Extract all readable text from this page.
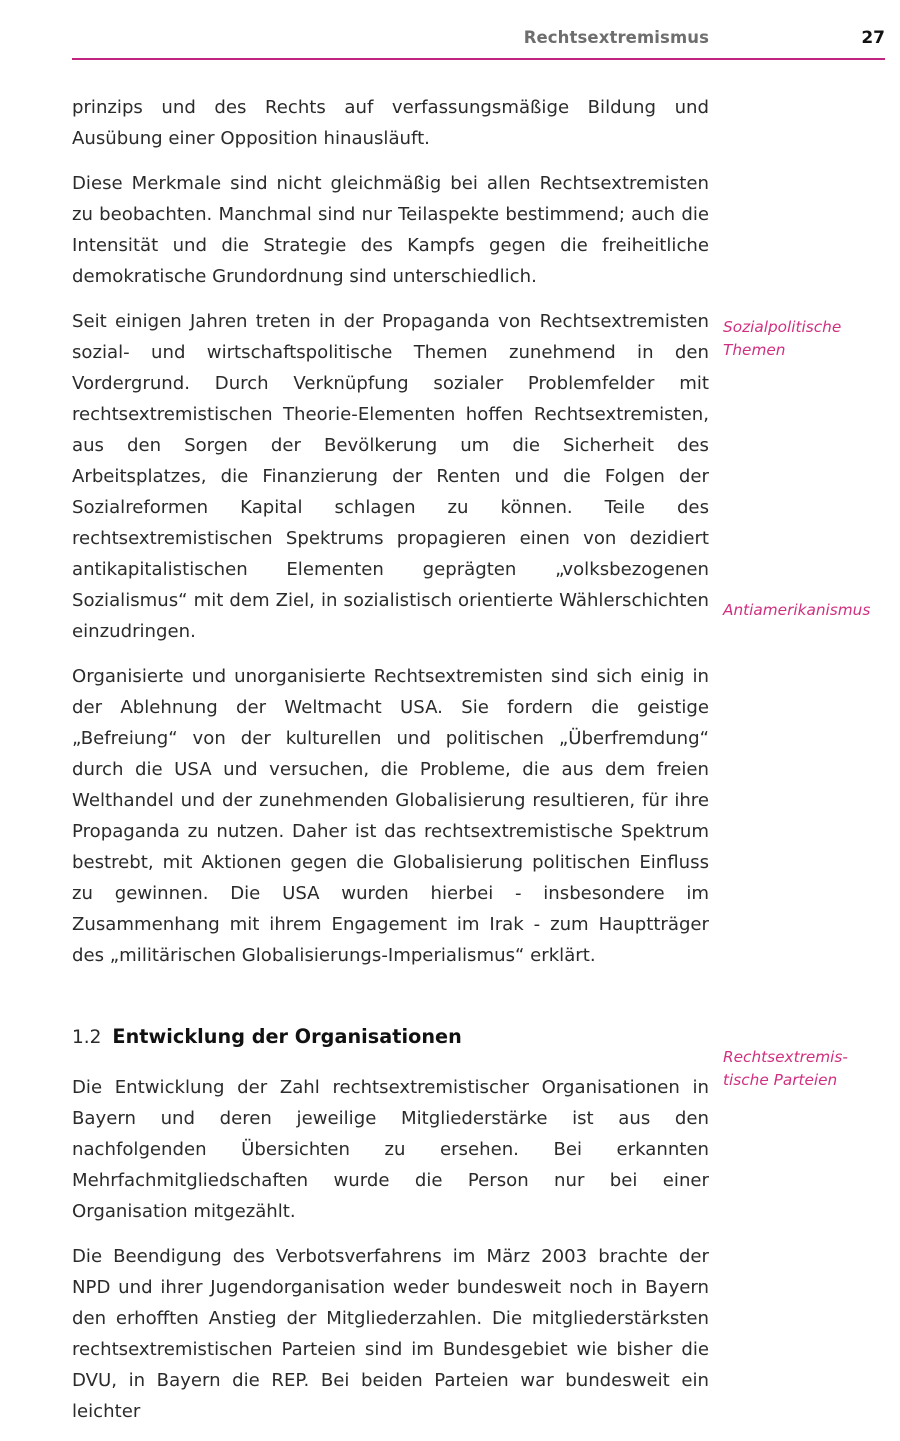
Rechtsextremismus	27

prinzips und des Rechts auf verfassungsmäßige Bildung und Ausübung einer Opposition hinausläuft.

Diese Merkmale sind nicht gleichmäßig bei allen Rechtsextremisten zu beobachten. Manchmal sind nur Teilaspekte bestimmend; auch die Intensität und die Strategie des Kampfs gegen die freiheitliche demokratische Grundordnung sind unterschiedlich.

Seit einigen Jahren treten in der Propaganda von Rechtsextremisten sozial- und wirtschaftspolitische Themen zunehmend in den Vordergrund. Durch Verknüpfung sozialer Problemfelder mit rechtsextremistischen Theorie-Elementen hoffen Rechtsextremisten, aus den Sorgen der Bevölkerung um die Sicherheit des Arbeitsplatzes, die Finanzierung der Renten und die Folgen der Sozialreformen Kapital schlagen zu können. Teile des rechtsextremistischen Spektrums propagieren einen von dezidiert antikapitalistischen Elementen geprägten „volksbezogenen Sozialismus“ mit dem Ziel, in sozialistisch orientierte Wählerschichten einzudringen.

Organisierte und unorganisierte Rechtsextremisten sind sich einig in der Ablehnung der Weltmacht USA. Sie fordern die geistige „Befreiung“ von der kulturellen und politischen „Überfremdung“ durch die USA und versuchen, die Probleme, die aus dem freien Welthandel und der zunehmenden Globalisierung resultieren, für ihre Propaganda zu nutzen. Daher ist das rechtsextremistische Spektrum bestrebt, mit Aktionen gegen die Globalisierung politischen Einfluss zu gewinnen. Die USA wurden hierbei - insbesondere im Zusammenhang mit ihrem Engagement im Irak - zum Hauptträger des „militärischen Globalisierungs-Imperialismus“ erklärt.

1.2 Entwicklung der Organisationen

Die Entwicklung der Zahl rechtsextremistischer Organisationen in Bayern und deren jeweilige Mitgliederstärke ist aus den nachfolgenden Übersichten zu ersehen. Bei erkannten Mehrfachmitgliedschaften wurde die Person nur bei einer Organisation mitgezählt.

Die Beendigung des Verbotsverfahrens im März 2003 brachte der NPD und ihrer Jugendorganisation weder bundesweit noch in Bayern den erhofften Anstieg der Mitgliederzahlen. Die mitgliederstärksten rechtsextremistischen Parteien sind im Bundesgebiet wie bisher die DVU, in Bayern die REP. Bei beiden Parteien war bundesweit ein leichter

Sozialpolitische Themen
Antiamerikanismus
Rechtsextremis- tische Parteien
